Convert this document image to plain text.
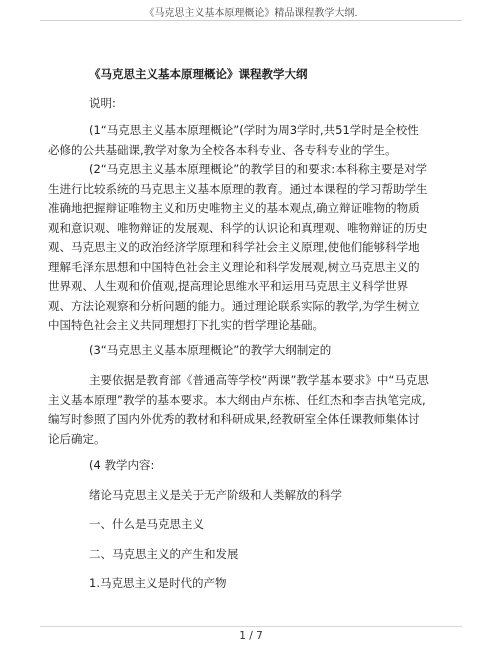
《马克思主义基本原理概论》精品课程教学大纲.
《马克思主义基本原理概论》课程教学大纲
说明:
(1“马克思主义基本原理概论”(学时为周3学时,共51学时是全校性
必修的公共基础课,教学对象为全校各本科专业、各专科专业的学生。
(2“马克思主义基本原理概论”的教学目的和要求:本科称主要是对学
生进行比较系统的马克思主义基本原理的教育。通过本课程的学习帮助学生
准确地把握辩证唯物主义和历史唯物主义的基本观点,确立辩证唯物的物质
观和意识观、唯物辩证的发展观、科学的认识论和真理观、唯物辩证的历史
观、马克思主义的政治经济学原理和科学社会主义原理,使他们能够科学地
理解毛泽东思想和中国特色社会主义理论和科学发展观,树立马克思主义的
世界观、人生观和价值观,提高理论思维水平和运用马克思主义科学世界
观、方法论观察和分析问题的能力。通过理论联系实际的教学,为学生树立
中国特色社会主义共同理想打下扎实的哲学理论基础。
(3“马克思主义基本原理概论”的教学大纲制定的
主要依据是教育部《普通高等学校“两课”教学基本要求》中“马克思
主义基本原理”教学的基本要求。本大纲由卢东栋、任红杰和李吉执笔完成,
编写时参照了国内外优秀的教材和科研成果,经教研室全体任课教师集体讨
论后确定。
(4 教学内容:
绪论马克思主义是关于无产阶级和人类解放的科学
一、什么是马克思主义
二、马克思主义的产生和发展
1.马克思主义是时代的产物
1 / 7
